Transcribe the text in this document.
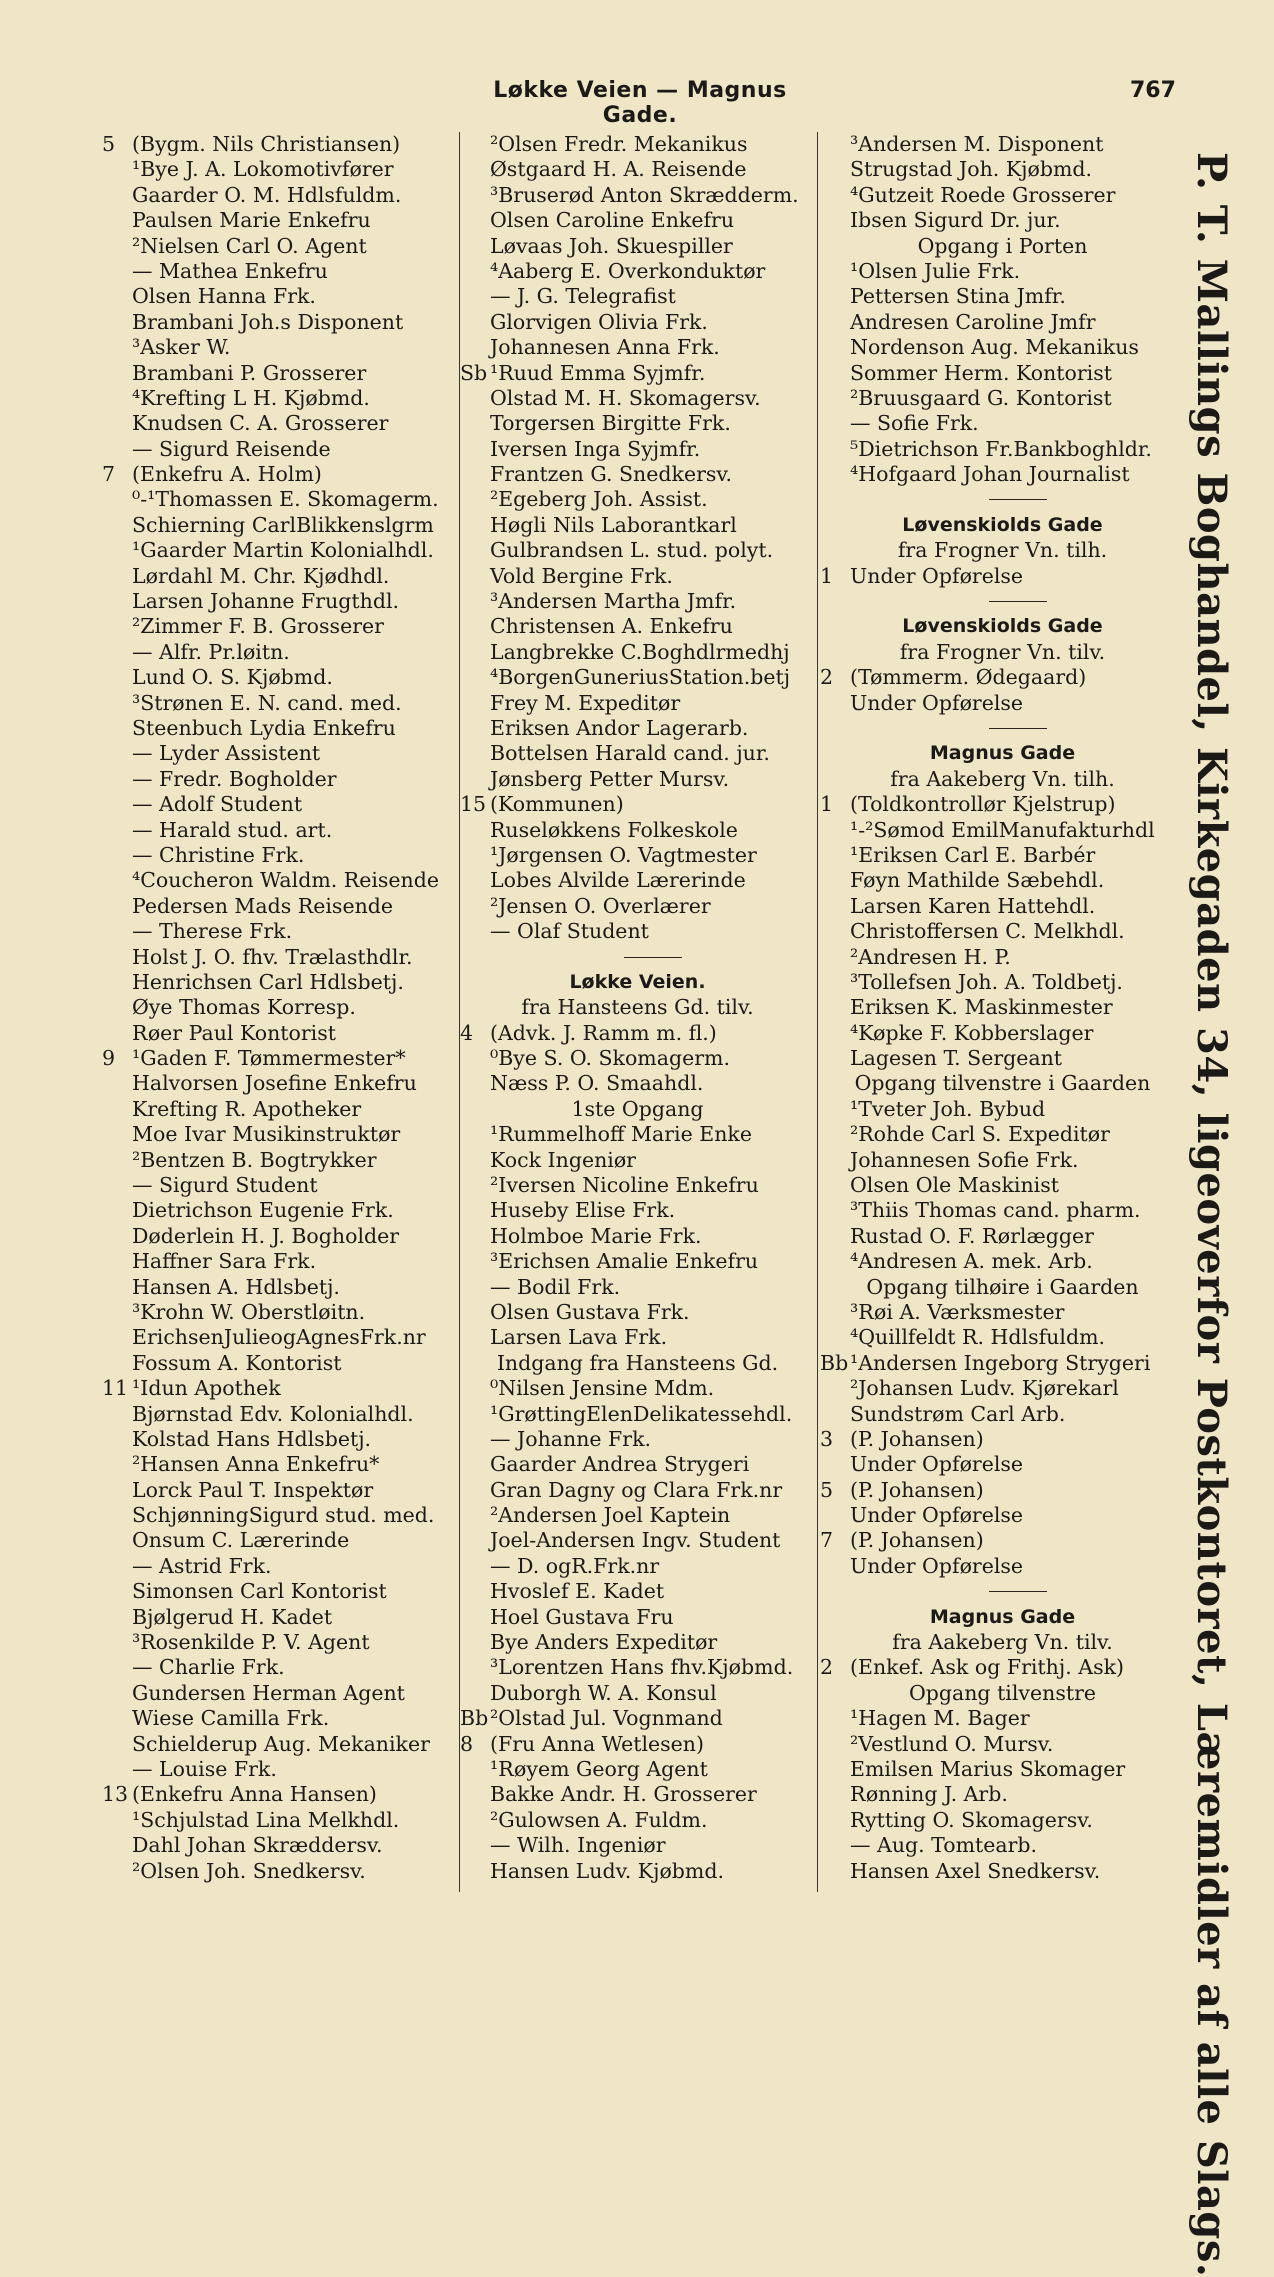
Løkke Veien — Magnus Gade.
767
5 (Bygm. Nils Christiansen)
¹Bye J. A. Lokomotivfører
Gaarder O. M. Hdlsfuldm.
Paulsen Marie Enkefru
²Nielsen Carl O. Agent
— Mathea Enkefru
Olsen Hanna Frk.
Brambani Joh.s Disponent
³Asker W.
Brambani P. Grosserer
⁴Krefting L H. Kjøbmd.
Knudsen C. A. Grosserer
— Sigurd Reisende
7 (Enkefru A. Holm)
⁰-¹Thomassen E. Skomagerm.
Schierning CarlBlikkenslgrm
¹Gaarder Martin Kolonialhdl.
Lørdahl M. Chr. Kjødhdl.
Larsen Johanne Frugthdl.
²Zimmer F. B. Grosserer
— Alfr. Pr.løitn.
Lund O. S. Kjøbmd.
³Strønen E. N. cand. med.
Steenbuch Lydia Enkefru
— Lyder Assistent
— Fredr. Bogholder
— Adolf Student
— Harald stud. art.
— Christine Frk.
⁴Coucheron Waldm. Reisende
Pedersen Mads Reisende
— Therese Frk.
Holst J. O. fhv. Trælasthdlr.
Henrichsen Carl Hdlsbetj.
Øye Thomas Korresp.
Røer Paul Kontorist
9 ¹Gaden F. Tømmermester*
Halvorsen Josefine Enkefru
Krefting R. Apotheker
Moe Ivar Musikinstruktør
²Bentzen B. Bogtrykker
— Sigurd Student
Dietrichson Eugenie Frk.
Døderlein H. J. Bogholder
Haffner Sara Frk.
Hansen A. Hdlsbetj.
³Krohn W. Oberstløitn.
ErichsenJulieogAgnesFrk.nr
Fossum A. Kontorist
11 ¹Idun Apothek
Bjørnstad Edv. Kolonialhdl.
Kolstad Hans Hdlsbetj.
²Hansen Anna Enkefru*
Lorck Paul T. Inspektør
SchjønningSigurd stud. med.
Onsum C. Lærerinde
— Astrid Frk.
Simonsen Carl Kontorist
Bjølgerud H. Kadet
³Rosenkilde P. V. Agent
— Charlie Frk.
Gundersen Herman Agent
Wiese Camilla Frk.
Schielderup Aug. Mekaniker
— Louise Frk.
13 (Enkefru Anna Hansen)
¹Schjulstad Lina Melkhdl.
Dahl Johan Skræddersv.
²Olsen Joh. Snedkersv.
²Olsen Fredr. Mekanikus
Østgaard H. A. Reisende
³Bruserød Anton Skrædderm.
Olsen Caroline Enkefru
Løvaas Joh. Skuespiller
⁴Aaberg E. Overkonduktør
— J. G. Telegrafist
Glorvigen Olivia Frk.
Johannesen Anna Frk.
Sb ¹Ruud Emma Syjmfr.
Olstad M. H. Skomagersv.
Torgersen Birgitte Frk.
Iversen Inga Syjmfr.
Frantzen G. Snedkersv.
²Egeberg Joh. Assist.
Høgli Nils Laborantkarl
Gulbrandsen L. stud. polyt.
Vold Bergine Frk.
³Andersen Martha Jmfr.
Christensen A. Enkefru
Langbrekke C.Boghdlrmedhj
⁴BorgenGuneriusStation.betj
Frey M. Expeditør
Eriksen Andor Lagerarb.
Bottelsen Harald cand. jur.
Jønsberg Petter Mursv.
15 (Kommunen)
Ruseløkkens Folkeskole
¹Jørgensen O. Vagtmester
Lobes Alvilde Lærerinde
²Jensen O. Overlærer
— Olaf Student
Løkke Veien.
fra Hansteens Gd. tilv.
4 (Advk. J. Ramm m. fl.)
⁰Bye S. O. Skomagerm.
Næss P. O. Smaahdl.
1ste Opgang
¹Rummelhoff Marie Enke
Kock Ingeniør
²Iversen Nicoline Enkefru
Huseby Elise Frk.
Holmboe Marie Frk.
³Erichsen Amalie Enkefru
— Bodil Frk.
Olsen Gustava Frk.
Larsen Lava Frk.
Indgang fra Hansteens Gd.
⁰Nilsen Jensine Mdm.
¹GrøttingElenDelikatessehdl.
— Johanne Frk.
Gaarder Andrea Strygeri
Gran Dagny og Clara Frk.nr
²Andersen Joel Kaptein
Joel-Andersen Ingv. Student
— D. ogR.Frk.nr
Hvoslef E. Kadet
Hoel Gustava Fru
Bye Anders Expeditør
³Lorentzen Hans fhv.Kjøbmd.
Duborgh W. A. Konsul
Bb ²Olstad Jul. Vognmand
8 (Fru Anna Wetlesen)
¹Røyem Georg Agent
Bakke Andr. H. Grosserer
²Gulowsen A. Fuldm.
— Wilh. Ingeniør
Hansen Ludv. Kjøbmd.
³Andersen M. Disponent
Strugstad Joh. Kjøbmd.
⁴Gutzeit Roede Grosserer
Ibsen Sigurd Dr. jur.
Opgang i Porten
¹Olsen Julie Frk.
Pettersen Stina Jmfr.
Andresen Caroline Jmfr
Nordenson Aug. Mekanikus
Sommer Herm. Kontorist
²Bruusgaard G. Kontorist
— Sofie Frk.
⁵Dietrichson Fr.Bankboghldr.
⁴Hofgaard Johan Journalist
Løvenskiolds Gade
fra Frogner Vn. tilh.
1 Under Opførelse
Løvenskiolds Gade
fra Frogner Vn. tilv.
2 (Tømmerm. Ødegaard)
Under Opførelse
Magnus Gade
fra Aakeberg Vn. tilh.
1 (Toldkontrollør Kjelstrup)
¹-²Sømod EmilManufakturhdl
¹Eriksen Carl E. Barbér
Føyn Mathilde Sæbehdl.
Larsen Karen Hattehdl.
Christoffersen C. Melkhdl.
²Andresen H. P.
³Tollefsen Joh. A. Toldbetj.
Eriksen K. Maskinmester
⁴Køpke F. Kobberslager
Lagesen T. Sergeant
Opgang tilvenstre i Gaarden
¹Tveter Joh. Bybud
²Rohde Carl S. Expeditør
Johannesen Sofie Frk.
Olsen Ole Maskinist
³Thiis Thomas cand. pharm.
Rustad O. F. Rørlægger
⁴Andresen A. mek. Arb.
Opgang tilhøire i Gaarden
³Røi A. Værksmester
⁴Quillfeldt R. Hdlsfuldm.
Bb ¹Andersen Ingeborg Strygeri
²Johansen Ludv. Kjørekarl
Sundstrøm Carl Arb.
3 (P. Johansen)
Under Opførelse
5 (P. Johansen)
Under Opførelse
7 (P. Johansen)
Under Opførelse
Magnus Gade
fra Aakeberg Vn. tilv.
2 (Enkef. Ask og Frithj. Ask)
Opgang tilvenstre
¹Hagen M. Bager
²Vestlund O. Mursv.
Emilsen Marius Skomager
Rønning J. Arb.
Rytting O. Skomagersv.
— Aug. Tomtearb.
Hansen Axel Snedkersv.	P. T. Mallings Boghandel, Kirkegaden 34, ligeoverfor Postkontoret, Læremidler af alle Slags.
